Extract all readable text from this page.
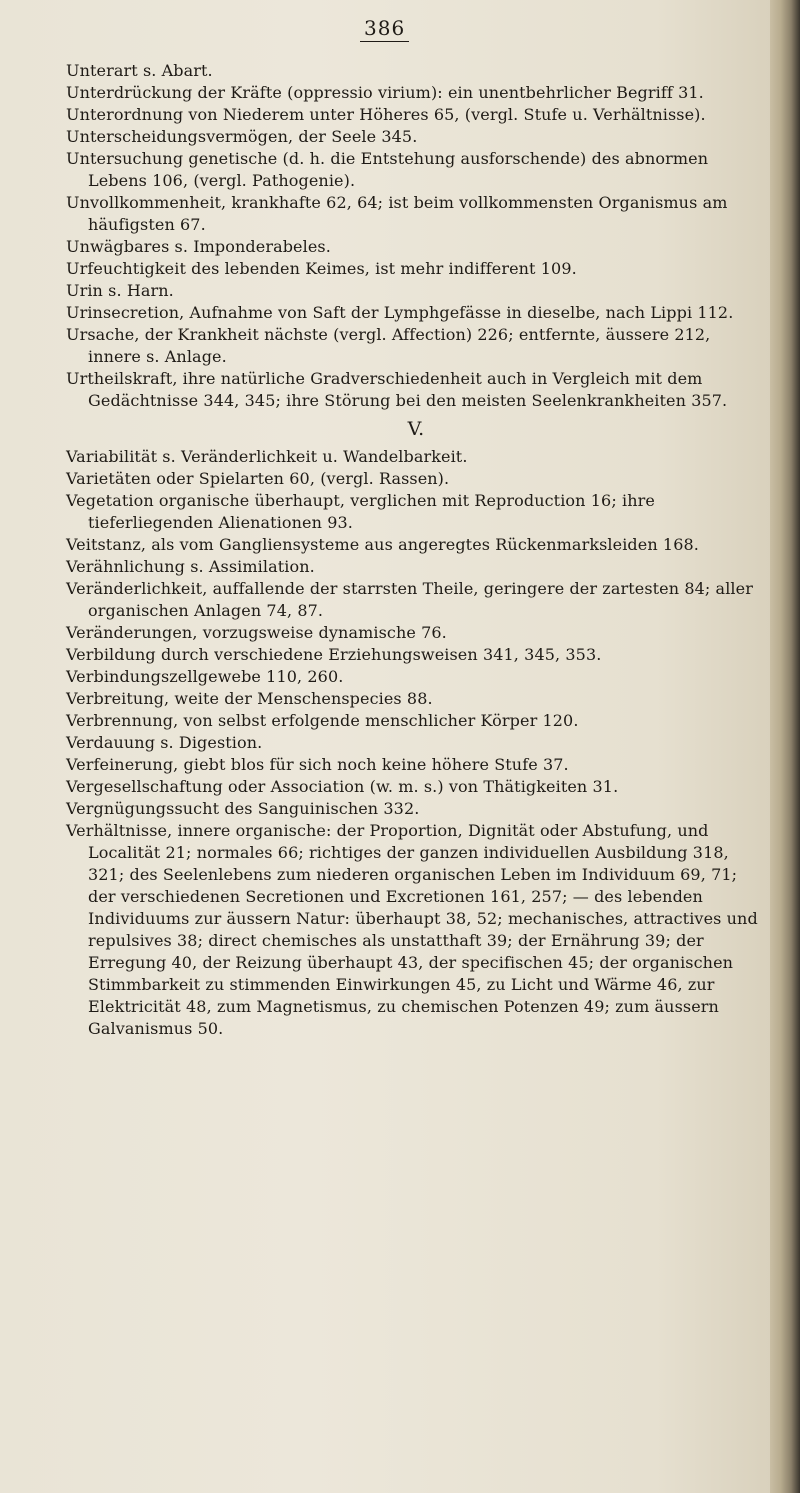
386

Unterart s. Abart.

Unterdrückung der Kräfte (oppressio virium): ein unentbehrlicher Begriff 31.

Unterordnung von Niederem unter Höheres 65, (vergl. Stufe u. Verhältnisse).

Unterscheidungsvermögen, der Seele 345.

Untersuchung genetische (d. h. die Entstehung ausforschende) des abnormen Lebens 106, (vergl. Pathogenie).

Unvollkommenheit, krankhafte 62, 64; ist beim vollkommensten Organismus am häufigsten 67.

Unwägbares s. Imponderabeles.

Urfeuchtigkeit des lebenden Keimes, ist mehr indifferent 109.

Urin s. Harn.

Urinsecretion, Aufnahme von Saft der Lymphgefässe in dieselbe, nach Lippi 112.

Ursache, der Krankheit nächste (vergl. Affection) 226; entfernte, äussere 212, innere s. Anlage.

Urtheilskraft, ihre natürliche Gradverschiedenheit auch in Vergleich mit dem Gedächtnisse 344, 345; ihre Störung bei den meisten Seelenkrankheiten 357.

V.

Variabilität s. Veränderlichkeit u. Wandelbarkeit.

Varietäten oder Spielarten 60, (vergl. Rassen).

Vegetation organische überhaupt, verglichen mit Reproduction 16; ihre tieferliegenden Alienationen 93.

Veitstanz, als vom Gangliensysteme aus angeregtes Rückenmarksleiden 168.

Verähnlichung s. Assimilation.

Veränderlichkeit, auffallende der starrsten Theile, geringere der zartesten 84; aller organischen Anlagen 74, 87.

Veränderungen, vorzugsweise dynamische 76.

Verbildung durch verschiedene Erziehungsweisen 341, 345, 353.

Verbindungszellgewebe 110, 260.

Verbreitung, weite der Menschenspecies 88.

Verbrennung, von selbst erfolgende menschlicher Körper 120.

Verdauung s. Digestion.

Verfeinerung, giebt blos für sich noch keine höhere Stufe 37.

Vergesellschaftung oder Association (w. m. s.) von Thätigkeiten 31.

Vergnügungssucht des Sanguinischen 332.

Verhältnisse, innere organische: der Proportion, Dignität oder Abstufung, und Localität 21; normales 66; richtiges der ganzen individuellen Ausbildung 318, 321; des Seelenlebens zum niederen organischen Leben im Individuum 69, 71; der verschiedenen Secretionen und Excretionen 161, 257; — des lebenden Individuums zur äussern Natur: überhaupt 38, 52; mechanisches, attractives und repulsives 38; direct chemisches als unstatthaft 39; der Ernährung 39; der Erregung 40, der Reizung überhaupt 43, der specifischen 45; der organischen Stimmbarkeit zu stimmenden Einwirkungen 45, zu Licht und Wärme 46, zur Elektricität 48, zum Magnetismus, zu chemischen Potenzen 49; zum äussern Galvanismus 50.
